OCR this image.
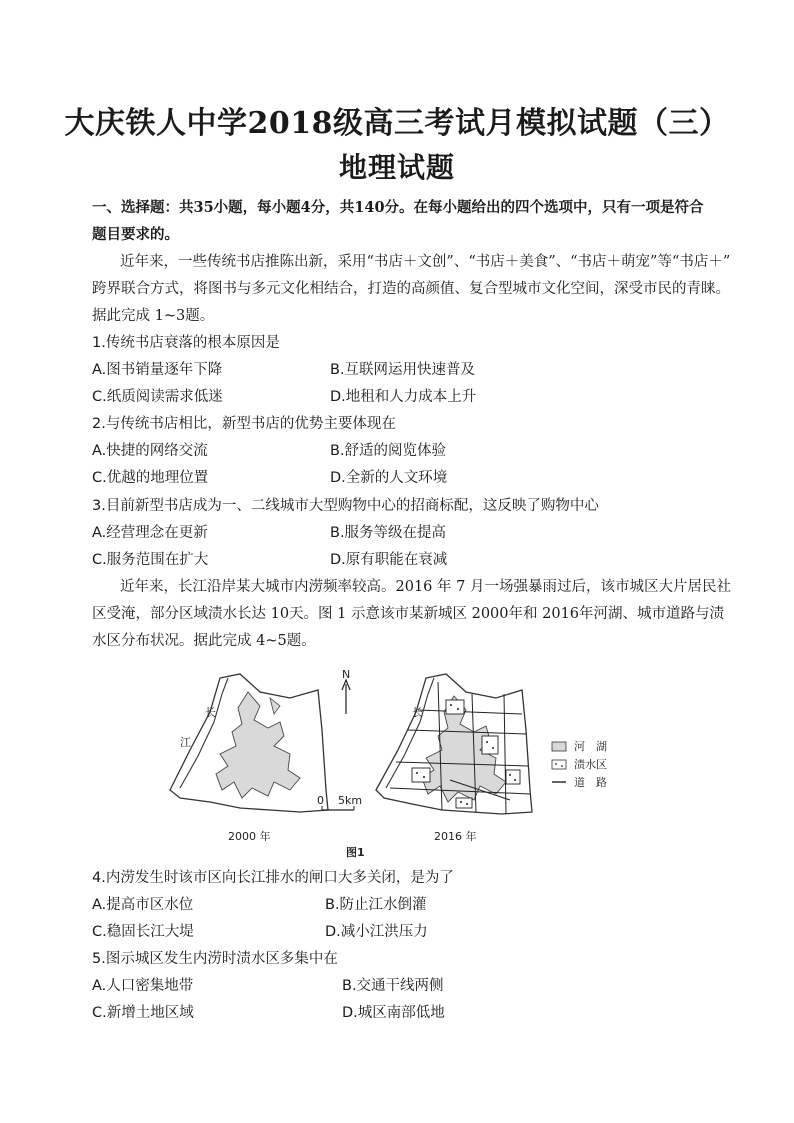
大庆铁人中学2018级高三考试月模拟试题（三）
地理试题
一、选择题：共35小题，每小题4分，共140分。在每小题给出的四个选项中，只有一项是符合
题目要求的。
近年来，一些传统书店推陈出新，采用“书店＋文创”、“书店＋美食”、“书店＋萌宠”等“书店＋”
跨界联合方式，将图书与多元文化相结合，打造的高颜值、复合型城市文化空间，深受市民的青睐。
据此完成 1~3题。
1.传统书店衰落的根本原因是
A.图书销量逐年下降	B.互联网运用快速普及
C.纸质阅读需求低迷	D.地租和人力成本上升
2.与传统书店相比，新型书店的优势主要体现在
A.快捷的网络交流	B.舒适的阅览体验
C.优越的地理位置	D.全新的人文环境
3.目前新型书店成为一、二线城市大型购物中心的招商标配，这反映了购物中心
A.经营理念在更新	B.服务等级在提高
C.服务范围在扩大	D.原有职能在衰减
近年来，长江沿岸某大城市内涝频率较高。2016 年 7 月一场强暴雨过后，该市城区大片居民社
区受淹，部分区域渍水长达 10天。图 1 示意该市某新城区 2000年和 2016年河湖、城市道路与渍
水区分布状况。据此完成 4~5题。
长
江
N
0 5km
长
河　湖
渍水区
道　路
2000 年	2016 年
图1
4.内涝发生时该市区向长江排水的闸口大多关闭，是为了
A.提高市区水位	B.防止江水倒灌
C.稳固长江大堤	D.减小江洪压力
5.图示城区发生内涝时渍水区多集中在
A.人口密集地带	B.交通干线两侧
C.新增土地区域	D.城区南部低地
